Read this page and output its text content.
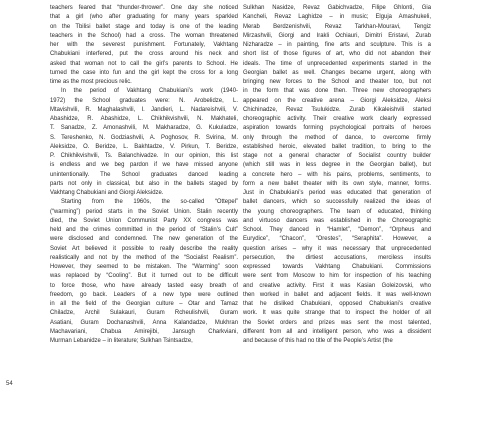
54
teachers feared that “thunder-thrower”. One day she noticed
that a girl (who after graduating for many years sparkled
on the Tbilisi ballet stage and today is one of the leading
teachers in the School) had a cross. The woman threatened
her with the severest punishment. Fortunately, Vakhtang
Chabukiani interfered, put the cross around his neck and
asked that woman not to call the girl’s parents to School. He
turned the case into fun and the girl kept the cross for a long
time as the most precious relic.
In the period of Vakhtang Chabukiani’s work (1940-
1972) the School graduates were: N. Arobelidze, L.
Mtavishvili, R. Maghalashvili, I. Jandieri, L. Nadareishvili, V.
Abashidze, R. Abashidze, L. Chikhikvishvili, N. Makhateli,
T. Sanadze, Z. Amonashvili, M. Makharadze, G. Kukuladze,
S. Tereshenko, N. Godziashvili, A. Poghosov, R. Svirina, M.
Aleksidze, O. Beridze, L. Bakhtadze, V. Pirkun, T. Beridze,
P. Chikhikvishvili, Ts. Balanchivadze. In our opinion, this list
is endless and we beg pardon if we have missed anyone
unintentionally. The School graduates danced leading
parts not only in classical, but also in the ballets staged by
Vakhtang Chabukiani and Giorgi Aleksidze.
Starting from the 1960s, the so-called “Ottepel”
(“warming”) period starts in the Soviet Union. Stalin recently
died, the Soviet Union Communist Party XX congress was
held and the crimes committed in the period of “Stalin’s Cult”
were disclosed and condemned. The new generation of the
Soviet Art believed it possible to really describe the reality
realistically and not by the method of the “Socialist Realism”.
However, they seemed to be mistaken. The “Warming” soon
was replaced by “Cooling”. But it turned out to be difficult
to force those, who have already tasted easy breath of
freedom, go back. Leaders of a new type were outlined
in all the field of the Georgian culture – Otar and Tamaz
Chiladze, Archil Sulakauri, Guram Rcheulishvili, Guram
Asatiani, Guram Dochanashvili, Anna Kalandadze, Mukhran
Machavariani, Chabua Amirejibi, Jansugh Charkviani,
Murman Lebanidze – in literature; Sulkhan Tsintsadze,
Sulkhan Nasidze, Revaz Gabichvadze, Filipe Ghlonti, Gia
Kancheli, Revaz Laghidze – in music; Elguja Amashukeli,
Merab Berdzenishvili, Revaz Tarkhan-Mouravi, Tengiz
Mirzashvili, Giorgi and Irakli Ochiauri, Dimitri Eristavi, Zurab
Nizharadze – in painting, fine arts and sculpture. This is a
short list of those figures of art, who did not abandon their
ideals. The time of unprecedented experiments started in the
Georgian ballet as well. Changes became urgent, along with
bringing new forces to the School and theater too, but not
in the form that was done then. Three new choreographers
appeared on the creative arena – Giorgi Aleksidze, Aleksi
Chichinadze, Revaz Tsulukidze. Zurab Kikaleishvili started
choreographic activity. Their creative work clearly expressed
aspiration towards forming psychological portraits of heroes
only through the method of dance, to overcome firmly
established heroic, elevated ballet tradition, to bring to the
stage not a general character of Socialist country builder
(which still was in less degree in the Georgian ballet), but
a concrete hero – with his pains, problems, sentiments, to
form a new ballet theater with its own style, manner, forms.
Just in Chabukiani’s period was educated that generation of
ballet dancers, which so successfully realized the ideas of
the young choreographers. The team of educated, thinking
and virtuoso dancers was established in the Choreographic
School. They danced in “Hamlet”, “Demon”, “Orpheus and
Eurydice”, “Chacon”, “Orestes”, “Seraphita”. However, a
question arises – why it was necessary that unprecedented
persecution, the dirtiest accusations, merciless insults
expressed towards Vakhtang Chabukiani. Commissions
were sent from Moscow to him for inspection of his teaching
and creative activity. First it was Kasian Goleizovski, who
then worked in ballet and adjacent fields. It was well-known
that he disliked Chabukiani, opposed Chabukiani’s creative
work. It was quite strange that to inspect the holder of all
the Soviet orders and prizes was sent the most talented,
different from all and intelligent person, who was a dissident
and because of this had no title of the People’s Artist (the
